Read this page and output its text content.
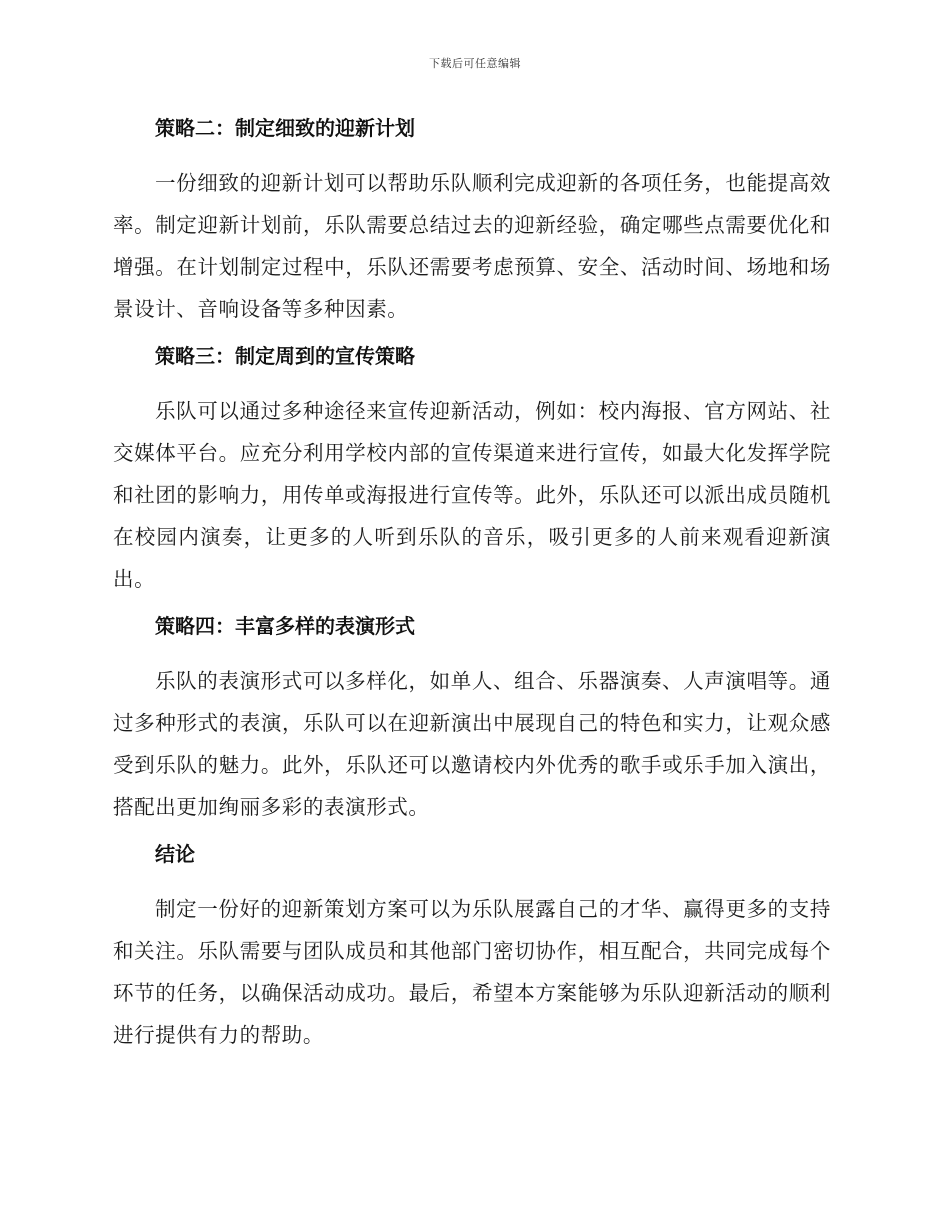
下载后可任意编辑
策略二：制定细致的迎新计划

一份细致的迎新计划可以帮助乐队顺利完成迎新的各项任务，也能提高效率。制定迎新计划前，乐队需要总结过去的迎新经验，确定哪些点需要优化和增强。在计划制定过程中，乐队还需要考虑预算、安全、活动时间、场地和场景设计、音响设备等多种因素。

策略三：制定周到的宣传策略

乐队可以通过多种途径来宣传迎新活动，例如：校内海报、官方网站、社交媒体平台。应充分利用学校内部的宣传渠道来进行宣传，如最大化发挥学院和社团的影响力，用传单或海报进行宣传等。此外，乐队还可以派出成员随机在校园内演奏，让更多的人听到乐队的音乐，吸引更多的人前来观看迎新演出。

策略四：丰富多样的表演形式

乐队的表演形式可以多样化，如单人、组合、乐器演奏、人声演唱等。通过多种形式的表演，乐队可以在迎新演出中展现自己的特色和实力，让观众感受到乐队的魅力。此外，乐队还可以邀请校内外优秀的歌手或乐手加入演出，搭配出更加绚丽多彩的表演形式。

结论

制定一份好的迎新策划方案可以为乐队展露自己的才华、赢得更多的支持和关注。乐队需要与团队成员和其他部门密切协作，相互配合，共同完成每个环节的任务，以确保活动成功。最后，希望本方案能够为乐队迎新活动的顺利进行提供有力的帮助。
